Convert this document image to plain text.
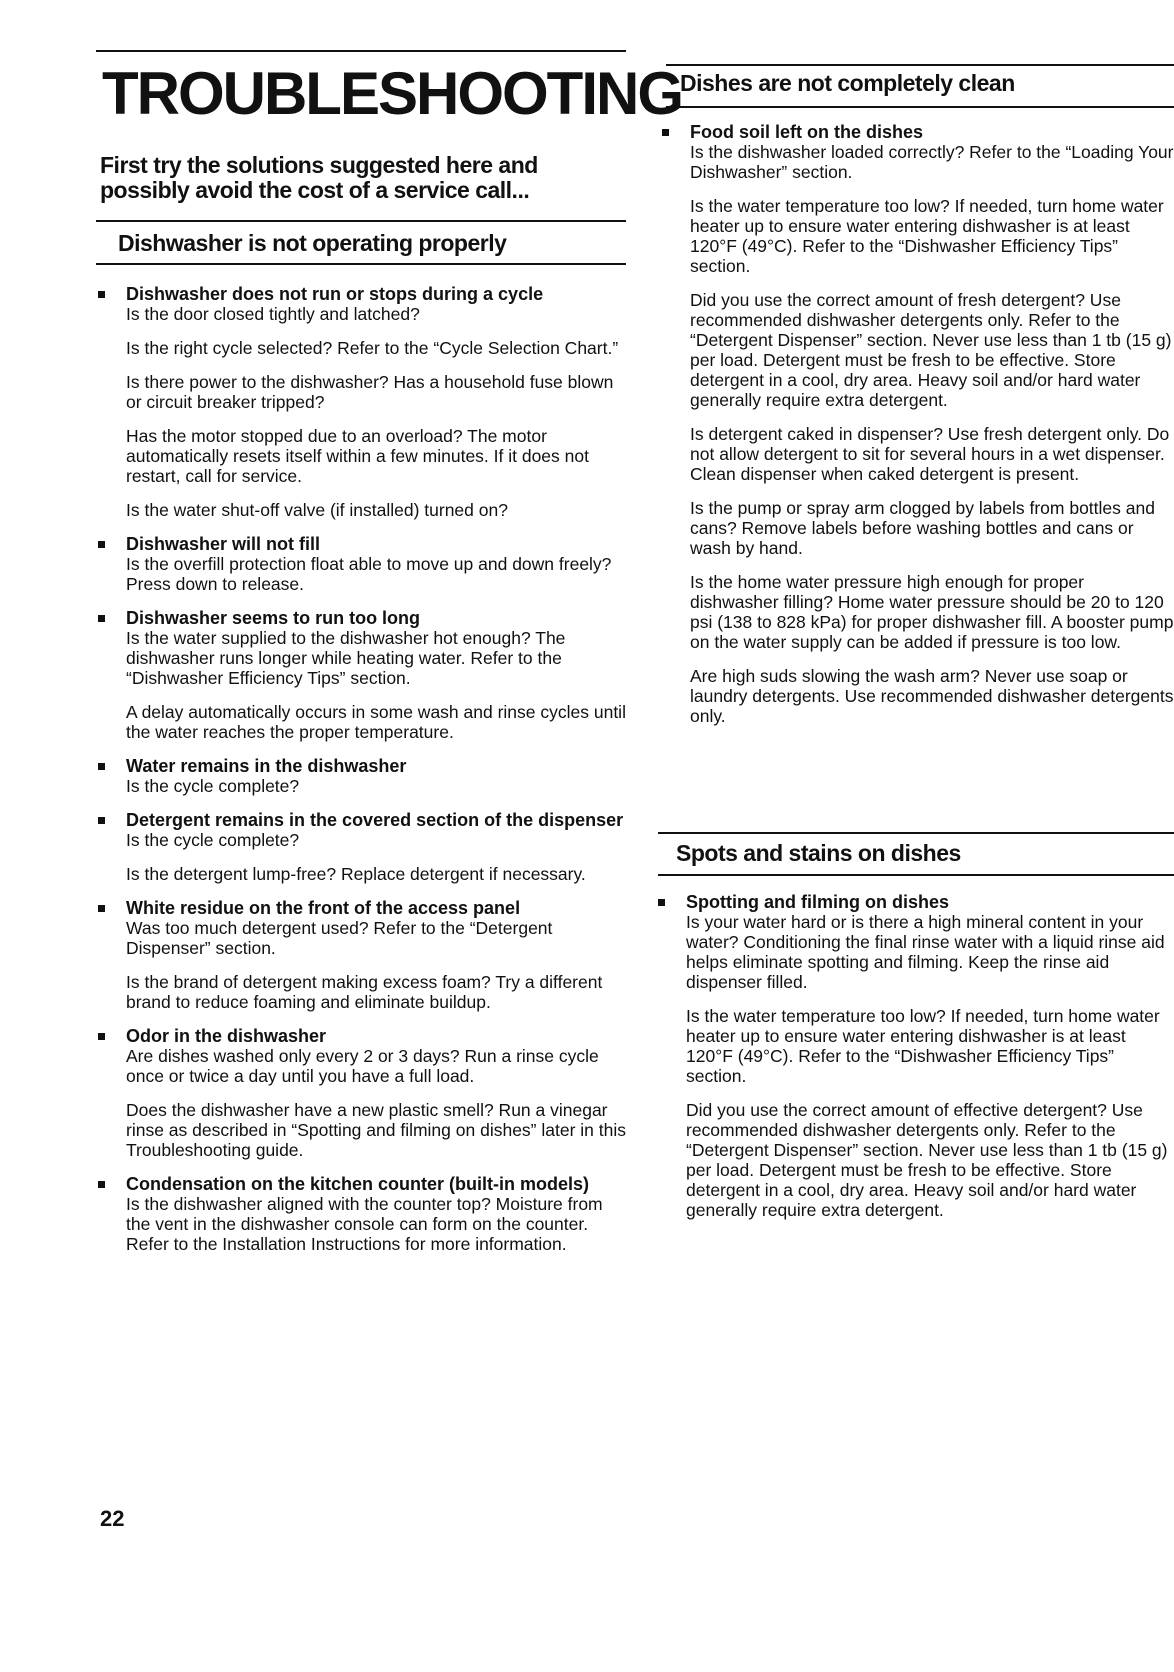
TROUBLESHOOTING

First try the solutions suggested here and possibly avoid the cost of a service call...

Dishwasher is not operating properly

Dishwasher does not run or stops during a cycle

Is the door closed tightly and latched?

Is the right cycle selected? Refer to the “Cycle Selection Chart.”

Is there power to the dishwasher? Has a household fuse blown or circuit breaker tripped?

Has the motor stopped due to an overload? The motor automatically resets itself within a few minutes. If it does not restart, call for service.

Is the water shut-off valve (if installed) turned on?

Dishwasher will not fill

Is the overfill protection float able to move up and down freely? Press down to release.

Dishwasher seems to run too long

Is the water supplied to the dishwasher hot enough? The dishwasher runs longer while heating water. Refer to the “Dishwasher Efficiency Tips” section.

A delay automatically occurs in some wash and rinse cycles until the water reaches the proper temperature.

Water remains in the dishwasher

Is the cycle complete?

Detergent remains in the covered section of the dispenser

Is the cycle complete?

Is the detergent lump-free? Replace detergent if necessary.

White residue on the front of the access panel

Was too much detergent used? Refer to the “Detergent Dispenser” section.

Is the brand of detergent making excess foam? Try a different brand to reduce foaming and eliminate buildup.

Odor in the dishwasher

Are dishes washed only every 2 or 3 days? Run a rinse cycle once or twice a day until you have a full load.

Does the dishwasher have a new plastic smell? Run a vinegar rinse as described in “Spotting and filming on dishes” later in this Troubleshooting guide.

Condensation on the kitchen counter (built-in models)

Is the dishwasher aligned with the counter top? Moisture from the vent in the dishwasher console can form on the counter. Refer to the Installation Instructions for more information.

22

Dishes are not completely clean

Food soil left on the dishes

Is the dishwasher loaded correctly? Refer to the “Loading Your Dishwasher” section.

Is the water temperature too low? If needed, turn home water heater up to ensure water entering dishwasher is at least 120°F (49°C). Refer to the “Dishwasher Efficiency Tips” section.

Did you use the correct amount of fresh detergent? Use recommended dishwasher detergents only. Refer to the “Detergent Dispenser” section. Never use less than 1 tb (15 g) per load. Detergent must be fresh to be effective. Store detergent in a cool, dry area. Heavy soil and/or hard water generally require extra detergent.

Is detergent caked in dispenser? Use fresh detergent only. Do not allow detergent to sit for several hours in a wet dispenser. Clean dispenser when caked detergent is present.

Is the pump or spray arm clogged by labels from bottles and cans? Remove labels before washing bottles and cans or wash by hand.

Is the home water pressure high enough for proper dishwasher filling? Home water pressure should be 20 to 120 psi (138 to 828 kPa) for proper dishwasher fill. A booster pump on the water supply can be added if pressure is too low.

Are high suds slowing the wash arm? Never use soap or laundry detergents. Use recommended dishwasher detergents only.

Spots and stains on dishes

Spotting and filming on dishes

Is your water hard or is there a high mineral content in your water? Conditioning the final rinse water with a liquid rinse aid helps eliminate spotting and filming. Keep the rinse aid dispenser filled.

Is the water temperature too low? If needed, turn home water heater up to ensure water entering dishwasher is at least 120°F (49°C). Refer to the “Dishwasher Efficiency Tips” section.

Did you use the correct amount of effective detergent? Use recommended dishwasher detergents only. Refer to the “Detergent Dispenser” section. Never use less than 1 tb (15 g) per load. Detergent must be fresh to be effective. Store detergent in a cool, dry area. Heavy soil and/or hard water generally require extra detergent.
